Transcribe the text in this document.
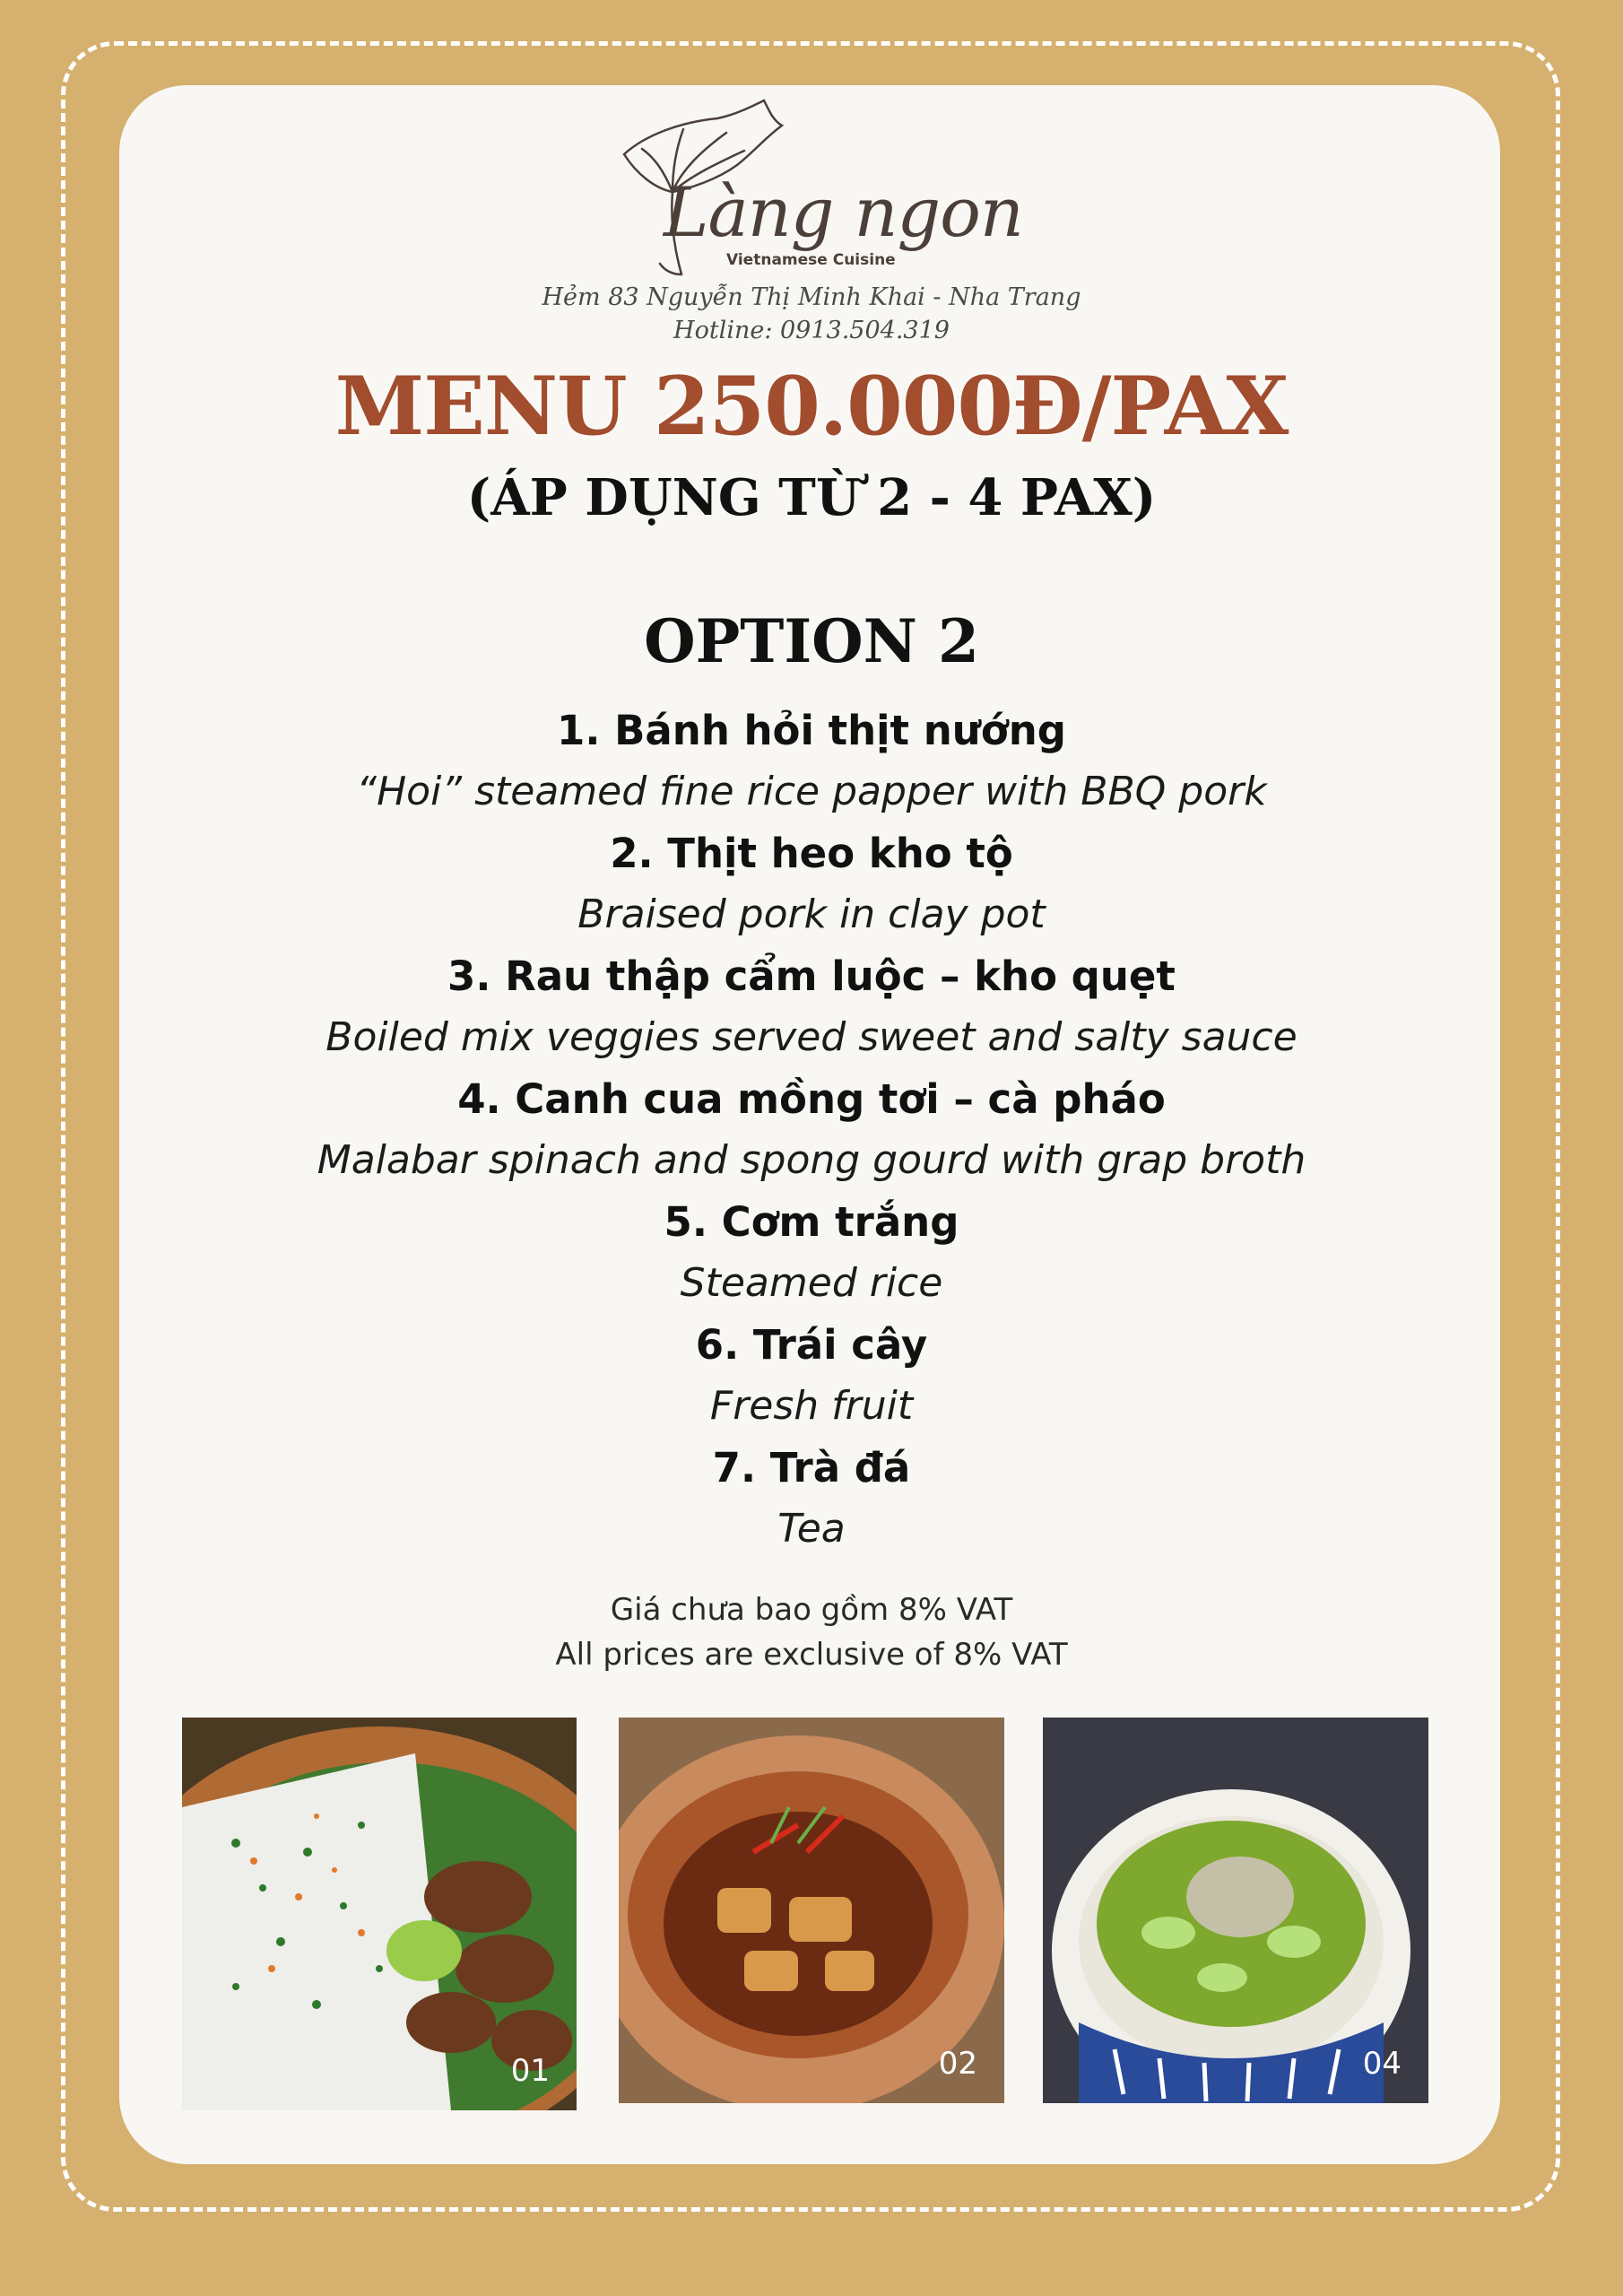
Làng ngon
Vietnamese Cuisine
Hẻm 83 Nguyễn Thị Minh Khai - Nha Trang
Hotline: 0913.504.319
MENU 250.000Đ/PAX
(ÁP DỤNG TỪ 2 - 4 PAX)
OPTION 2
1. Bánh hỏi thịt nướng
“Hoi” steamed fine rice papper with BBQ pork
2. Thịt heo kho tộ
Braised pork in clay pot
3. Rau thập cẩm luộc – kho quẹt
Boiled mix veggies served sweet and salty sauce
4. Canh cua mồng tơi – cà pháo
Malabar spinach and spong gourd with grap broth
5. Cơm trắng
Steamed rice
6. Trái cây
Fresh fruit
7. Trà đá
Tea
Giá chưa bao gồm 8% VAT
All prices are exclusive of 8% VAT
01	02	04
